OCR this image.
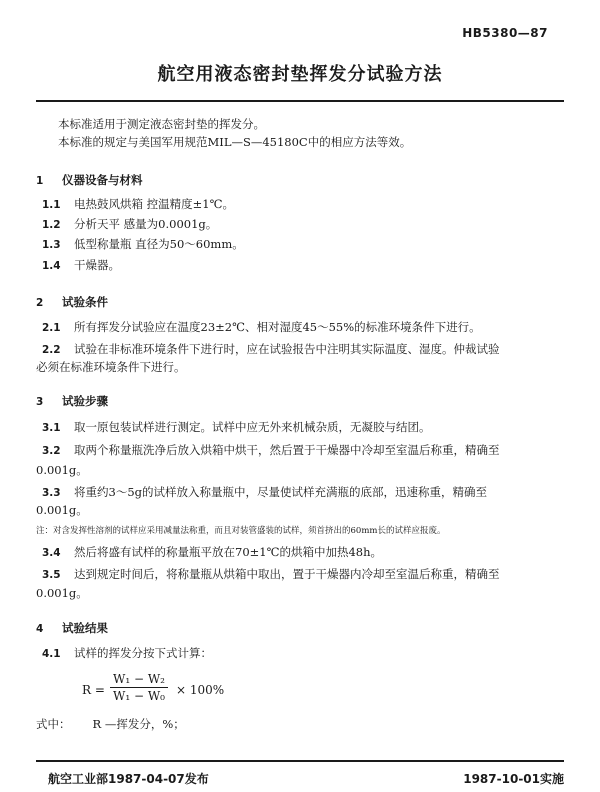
HB5380—87
航空用液态密封垫挥发分试验方法
本标准适用于测定液态密封垫的挥发分。
本标准的规定与美国军用规范MIL—S—45180C中的相应方法等效。
1 仪器设备与材料
1.1 电热鼓风烘箱 控温精度±1℃。
1.2 分析天平 感量为0.0001g。
1.3 低型称量瓶 直径为50～60mm。
1.4 干燥器。
2 试验条件
2.1 所有挥发分试验应在温度23±2℃、相对湿度45～55%的标准环境条件下进行。
2.2 试验在非标准环境条件下进行时，应在试验报告中注明其实际温度、湿度。仲裁试验
必须在标准环境条件下进行。
3 试验步骤
3.1 取一原包装试样进行测定。试样中应无外来机械杂质，无凝胶与结团。
3.2 取两个称量瓶洗净后放入烘箱中烘干，然后置于干燥器中冷却至室温后称重，精确至
0.001g。
3.3 将重约3～5g的试样放入称量瓶中，尽量使试样充满瓶的底部，迅速称重，精确至
0.001g。
注：对含发挥性溶剂的试样应采用减量法称重，而且对装管盛装的试样，须首挤出的60mm长的试样应报废。
3.4 然后将盛有试样的称量瓶平放在70±1℃的烘箱中加热48h。
3.5 达到规定时间后，将称量瓶从烘箱中取出，置于干燥器内冷却至室温后称重，精确至
0.001g。
4 试验结果
4.1 试样的挥发分按下式计算：
$R = \frac{\text{W₁ − W₂}}{\text{W₁ − W₀}} \times 100\%$
式中： R —挥发分，%；
航空工业部1987-04-07发布	1987-10-01实施
